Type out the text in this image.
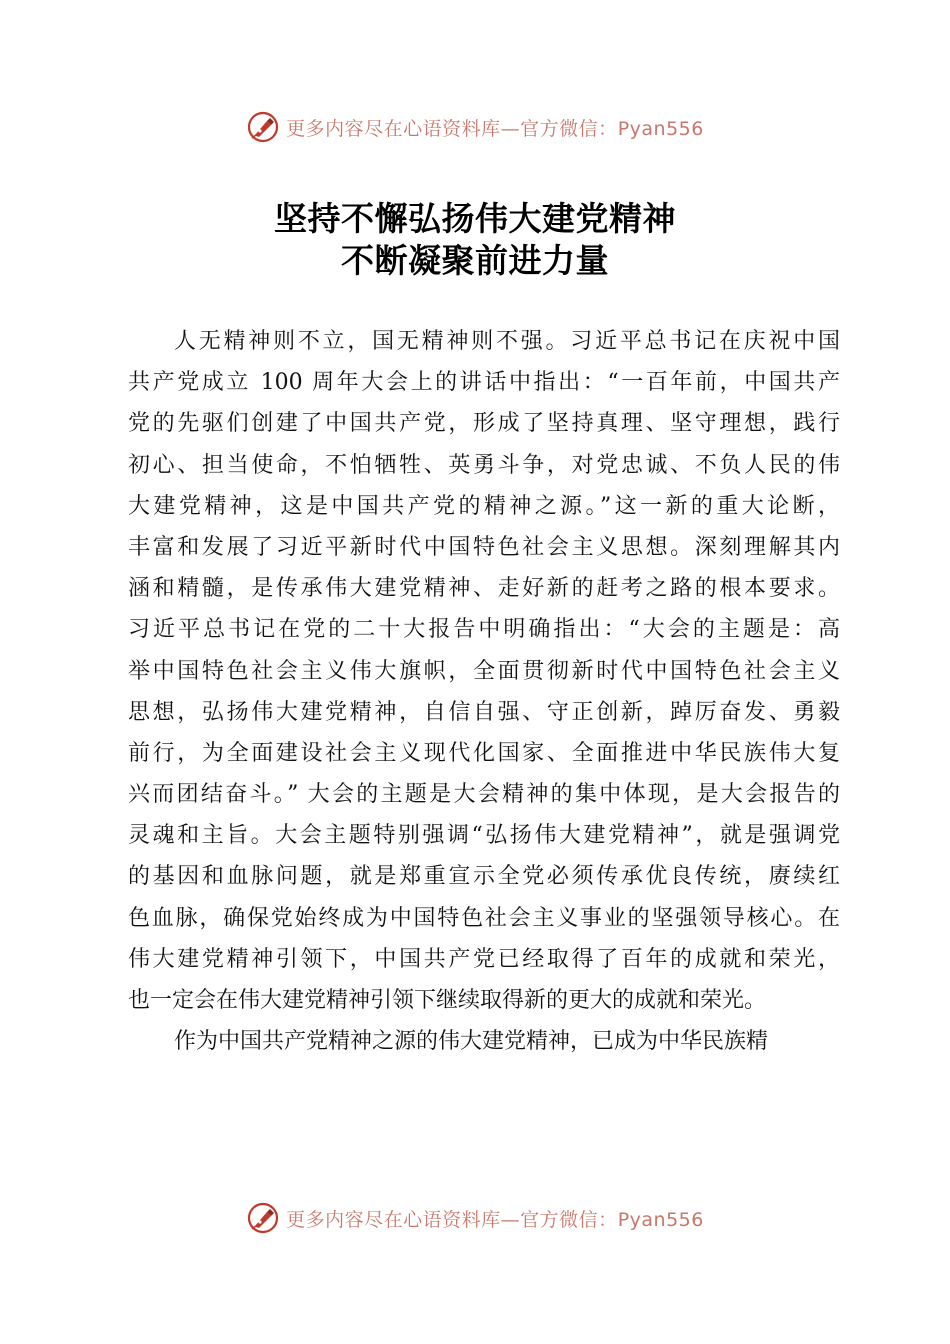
更多内容尽在心语资料库—官方微信：Pyan556
坚持不懈弘扬伟大建党精神
不断凝聚前进力量
人无精神则不立，国无精神则不强。习近平总书记在庆祝中国
共产党成立 100 周年大会上的讲话中指出：“一百年前，中国共产
党的先驱们创建了中国共产党，形成了坚持真理、坚守理想，践行
初心、担当使命，不怕牺牲、英勇斗争，对党忠诚、不负人民的伟
大建党精神，这是中国共产党的精神之源。”这一新的重大论断，
丰富和发展了习近平新时代中国特色社会主义思想。深刻理解其内
涵和精髓，是传承伟大建党精神、走好新的赶考之路的根本要求。
习近平总书记在党的二十大报告中明确指出：“大会的主题是：高
举中国特色社会主义伟大旗帜，全面贯彻新时代中国特色社会主义
思想，弘扬伟大建党精神，自信自强、守正创新，踔厉奋发、勇毅
前行，为全面建设社会主义现代化国家、全面推进中华民族伟大复
兴而团结奋斗。” 大会的主题是大会精神的集中体现，是大会报告的
灵魂和主旨。大会主题特别强调“弘扬伟大建党精神”，就是强调党
的基因和血脉问题，就是郑重宣示全党必须传承优良传统，赓续红
色血脉，确保党始终成为中国特色社会主义事业的坚强领导核心。在
伟大建党精神引领下，中国共产党已经取得了百年的成就和荣光，
也一定会在伟大建党精神引领下继续取得新的更大的成就和荣光。
作为中国共产党精神之源的伟大建党精神，已成为中华民族精
更多内容尽在心语资料库—官方微信：Pyan556
